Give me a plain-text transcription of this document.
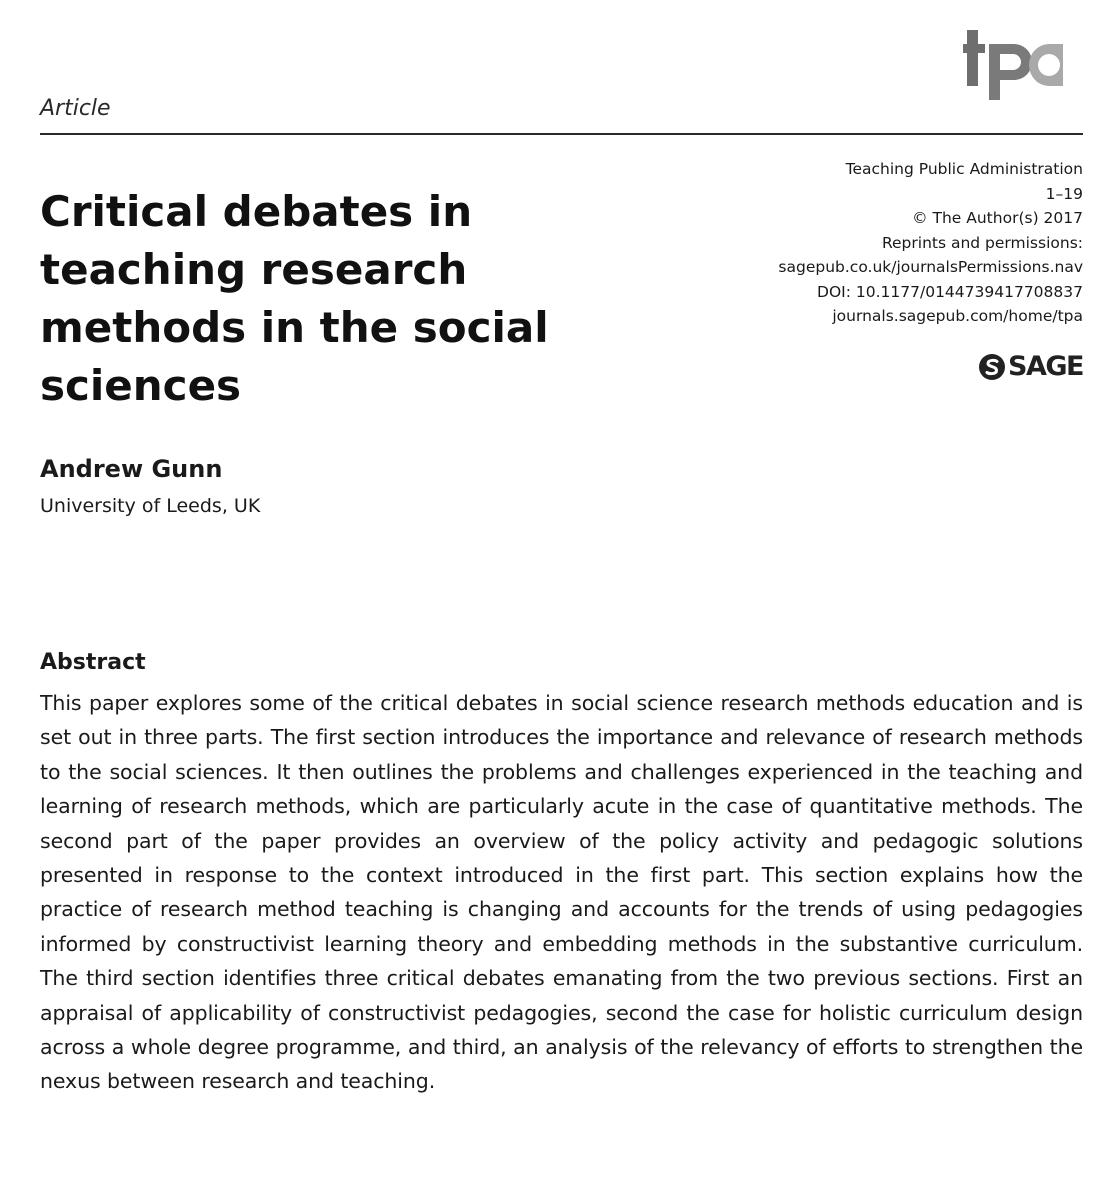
Article
Critical debates in teaching research methods in the social sciences
Teaching Public Administration
1–19
© The Author(s) 2017
Reprints and permissions:
sagepub.co.uk/journalsPermissions.nav
DOI: 10.1177/0144739417708837
journals.sagepub.com/home/tpa
SAGE
Andrew Gunn
University of Leeds, UK
Abstract

This paper explores some of the critical debates in social science research methods education and is set out in three parts. The first section introduces the importance and relevance of research methods to the social sciences. It then outlines the problems and challenges experienced in the teaching and learning of research methods, which are particularly acute in the case of quantitative methods. The second part of the paper provides an overview of the policy activity and pedagogic solutions presented in response to the context introduced in the first part. This section explains how the practice of research method teaching is changing and accounts for the trends of using pedagogies informed by constructivist learning theory and embedding methods in the substantive curriculum. The third section identifies three critical debates emanating from the two previous sections. First an appraisal of applicability of constructivist pedagogies, second the case for holistic curriculum design across a whole degree programme, and third, an analysis of the relevancy of efforts to strengthen the nexus between research and teaching.
